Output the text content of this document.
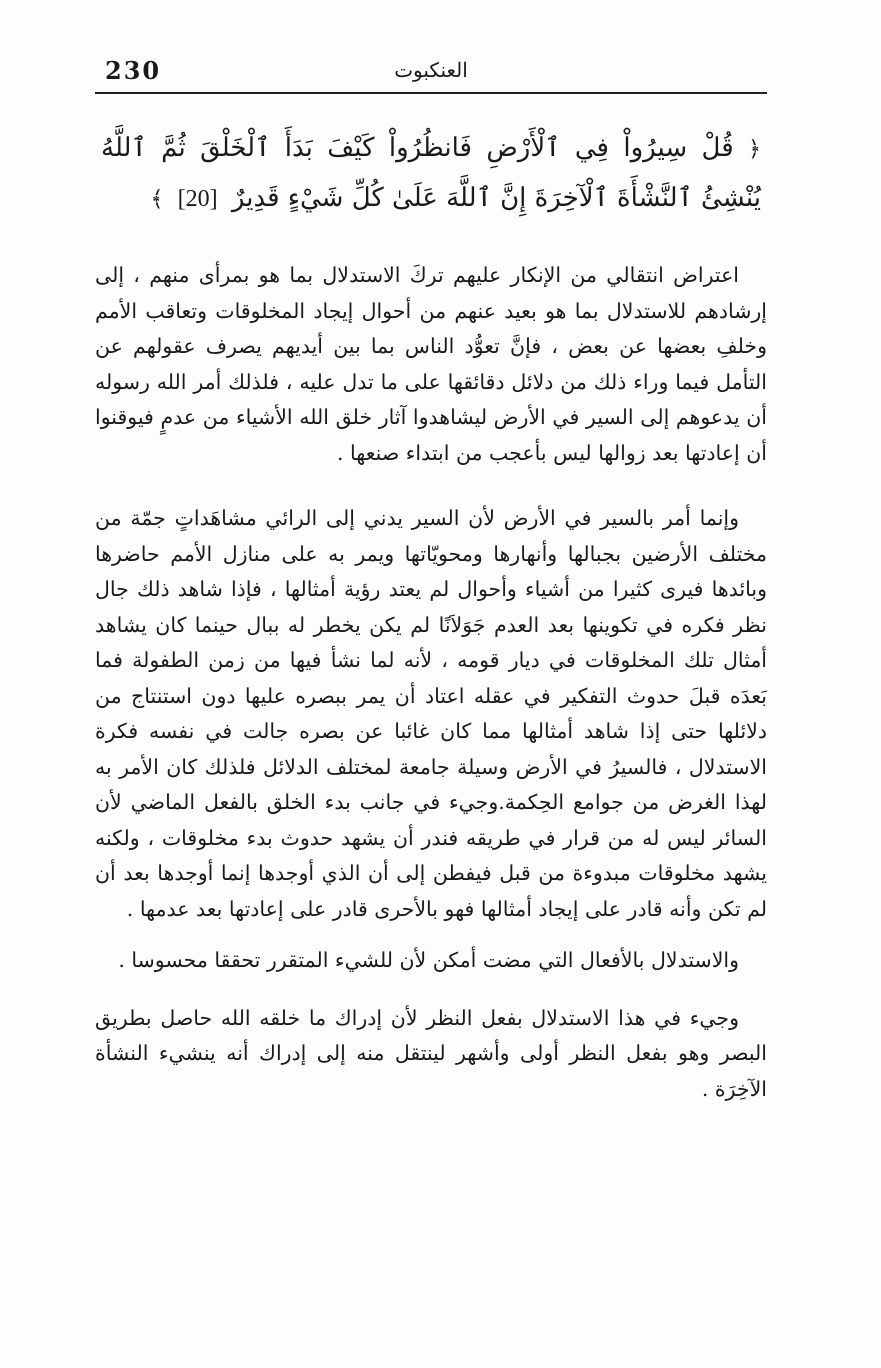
230	العنكبوت
﴿ قُلْ سِيرُواْ فِي ٱلْأَرْضِ فَانظُرُواْ كَيْفَ بَدَأَ ٱلْخَلْقَ ثُمَّ ٱللَّهُ يُنْشِئُ ٱلنَّشْأَةَ ٱلْآخِرَةَ إِنَّ ٱللَّهَ عَلَىٰ كُلِّ شَيْءٍ قَدِيرٌ [20] ﴾

اعتراض انتقالي من الإنكار عليهم تركَ الاستدلال بما هو بمرأى منهم ، إلى إرشادهم للاستدلال بما هو بعيد عنهم من أحوال إيجاد المخلوقات وتعاقب الأمم وخلفِ بعضها عن بعض ، فإنَّ تعوُّد الناس بما بين أيديهم يصرف عقولهم عن التأمل فيما وراء ذلك من دلائل دقائقها على ما تدل عليه ، فلذلك أمر الله رسوله أن يدعوهم إلى السير في الأرض ليشاهدوا آثار خلق الله الأشياء من عدمٍ فيوقنوا أن إعادتها بعد زوالها ليس بأعجب من ابتداء صنعها .

وإنما أمر بالسير في الأرض لأن السير يدني إلى الرائي مشاهَداتٍ جمّة من مختلف الأرضين بجبالها وأنهارها ومحويّاتها ويمر به على منازل الأمم حاضرها وبائدها فيرى كثيرا من أشياء وأحوال لم يعتد رؤية أمثالها ، فإذا شاهد ذلك جال نظر فكره في تكوينها بعد العدم جَوَلاَنًا لم يكن يخطر له ببال حينما كان يشاهد أمثال تلك المخلوقات في ديار قومه ، لأنه لما نشأ فيها من زمن الطفولة فما بَعدَه قبلَ حدوث التفكير في عقله اعتاد أن يمر ببصره عليها دون استنتاج من دلائلها حتى إذا شاهد أمثالها مما كان غائبا عن بصره جالت في نفسه فكرة الاستدلال ، فالسيرُ في الأرض وسيلة جامعة لمختلف الدلائل فلذلك كان الأمر به لهذا الغرض من جوامع الحِكمة.وجيء في جانب بدء الخلق بالفعل الماضي لأن السائر ليس له من قرار في طريقه فندر أن يشهد حدوث بدء مخلوقات ، ولكنه يشهد مخلوقات مبدوءة من قبل فيفطن إلى أن الذي أوجدها إنما أوجدها بعد أن لم تكن وأنه قادر على إيجاد أمثالها فهو بالأحرى قادر على إعادتها بعد عدمها .

والاستدلال بالأفعال التي مضت أمكن لأن للشيء المتقرر تحققا محسوسا .

وجيء في هذا الاستدلال بفعل النظر لأن إدراك ما خلقه الله حاصل بطريق البصر وهو بفعل النظر أولى وأشهر لينتقل منه إلى إدراك أنه ينشيء النشأة الآخِرَة .
